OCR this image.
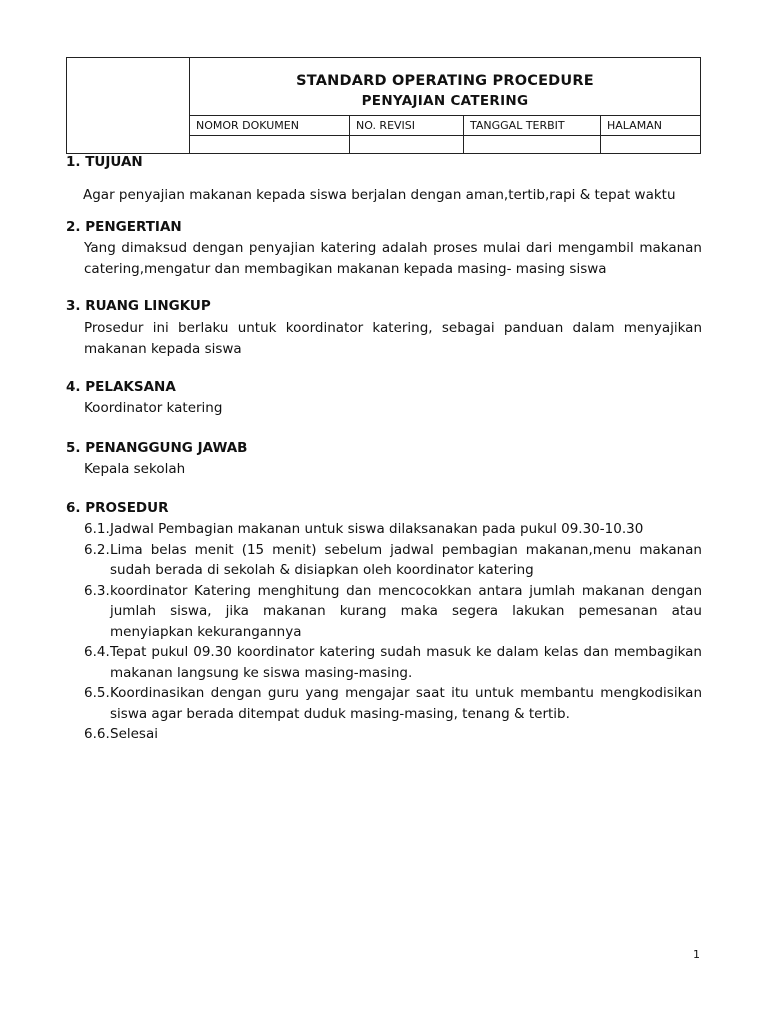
STANDARD OPERATING PROCEDURE
PENYAJIAN CATERING
NOMOR DOKUMEN	NO. REVISI	TANGGAL TERBIT	HALAMAN
1. TUJUAN
Agar penyajian makanan kepada siswa berjalan dengan aman,tertib,rapi & tepat waktu
2. PENGERTIAN
Yang dimaksud dengan penyajian katering adalah proses mulai dari mengambil makanan
catering,mengatur dan membagikan makanan kepada masing- masing siswa
3. RUANG LINGKUP
Prosedur ini berlaku untuk koordinator katering, sebagai panduan dalam menyajikan
makanan kepada siswa
4. PELAKSANA
Koordinator katering
5. PENANGGUNG JAWAB
Kepala sekolah
6. PROSEDUR
6.1. Jadwal Pembagian makanan untuk siswa dilaksanakan pada pukul 09.30-10.30
6.2. Lima belas menit (15 menit) sebelum jadwal pembagian makanan,menu makanan
sudah berada di sekolah & disiapkan oleh koordinator katering
6.3. koordinator Katering menghitung dan mencocokkan antara jumlah makanan dengan
jumlah siswa, jika makanan kurang maka segera lakukan pemesanan atau
menyiapkan kekurangannya
6.4. Tepat pukul 09.30 koordinator katering sudah masuk ke dalam kelas dan membagikan
makanan langsung ke siswa masing-masing.
6.5. Koordinasikan dengan guru yang mengajar saat itu untuk membantu mengkodisikan
siswa agar berada ditempat duduk masing-masing, tenang & tertib.
6.6. Selesai
1
